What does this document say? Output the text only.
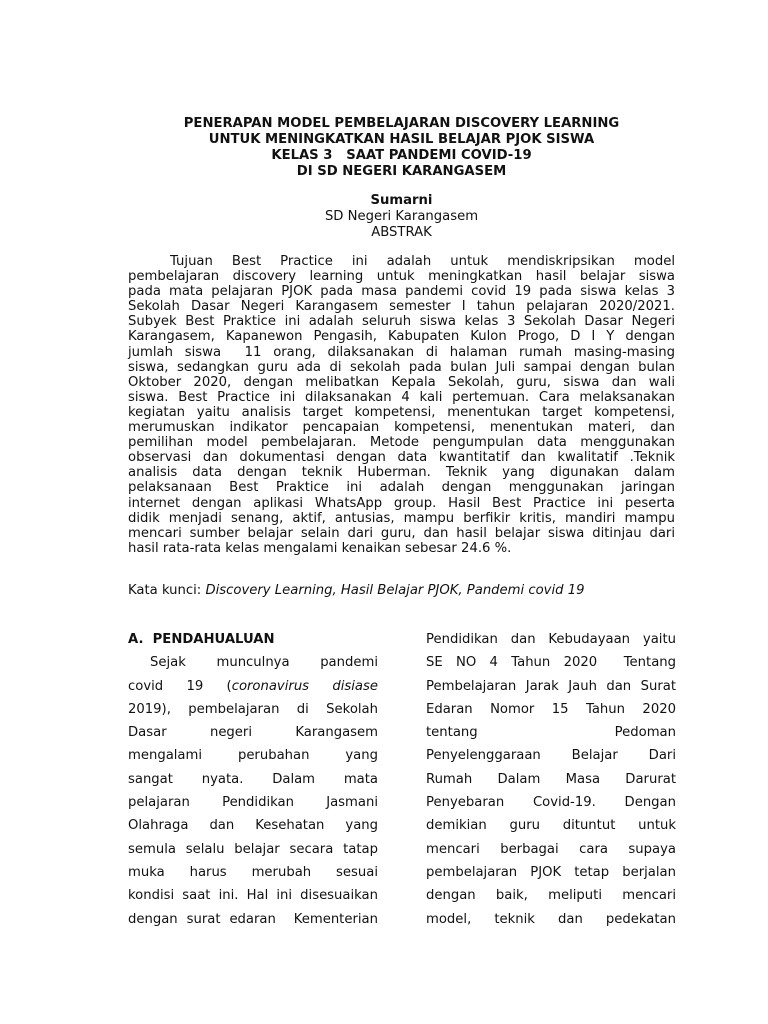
PENERAPAN MODEL PEMBELAJARAN DISCOVERY LEARNING
UNTUK MENINGKATKAN HASIL BELAJAR PJOK SISWA
KELAS 3   SAAT PANDEMI COVID-19
DI SD NEGERI KARANGASEM
Sumarni
SD Negeri Karangasem
ABSTRAK
Tujuan Best Practice ini adalah untuk mendiskripsikan model
pembelajaran discovery learning untuk meningkatkan hasil belajar siswa
pada mata pelajaran PJOK pada masa pandemi covid 19 pada siswa kelas 3
Sekolah Dasar Negeri Karangasem semester I tahun pelajaran 2020/2021.
Subyek Best Praktice ini adalah seluruh siswa kelas 3 Sekolah Dasar Negeri
Karangasem, Kapanewon Pengasih, Kabupaten Kulon Progo, D I Y dengan
jumlah siswa  11 orang, dilaksanakan di halaman rumah masing-masing
siswa, sedangkan guru ada di sekolah pada bulan Juli sampai dengan bulan
Oktober 2020, dengan melibatkan Kepala Sekolah, guru, siswa dan wali
siswa. Best Practice ini dilaksanakan 4 kali pertemuan. Cara melaksanakan
kegiatan yaitu analisis target kompetensi, menentukan target kompetensi,
merumuskan indikator pencapaian kompetensi, menentukan materi, dan
pemilihan model pembelajaran. Metode pengumpulan data menggunakan
observasi dan dokumentasi dengan data kwantitatif dan kwalitatif .Teknik
analisis data dengan teknik Huberman. Teknik yang digunakan dalam
pelaksanaan Best Praktice ini adalah dengan menggunakan jaringan
internet dengan aplikasi WhatsApp group. Hasil Best Practice ini peserta
didik menjadi senang, aktif, antusias, mampu berfikir kritis, mandiri mampu
mencari sumber belajar selain dari guru, dan hasil belajar siswa ditinjau dari
hasil rata-rata kelas mengalami kenaikan sebesar 24.6 %.
Kata kunci: Discovery Learning, Hasil Belajar PJOK, Pandemi covid 19
A.  PENDAHUALUAN
Sejak munculnya pandemi
covid 19 (coronavirus disiase
2019), pembelajaran di Sekolah
Dasar negeri Karangasem
mengalami perubahan yang
sangat nyata. Dalam mata
pelajaran Pendidikan Jasmani
Olahraga dan Kesehatan yang
semula selalu belajar secara tatap
muka harus merubah sesuai
kondisi saat ini. Hal ini disesuaikan
dengan surat edaran  Kementerian
Pendidikan dan Kebudayaan yaitu
SE NO 4 Tahun 2020  Tentang
Pembelajaran Jarak Jauh dan Surat
Edaran Nomor 15 Tahun 2020
tentang Pedoman
Penyelenggaraan Belajar Dari
Rumah Dalam Masa Darurat
Penyebaran Covid-19. Dengan
demikian guru dituntut untuk
mencari berbagai cara supaya
pembelajaran PJOK tetap berjalan
dengan baik, meliputi mencari
model, teknik dan pedekatan
